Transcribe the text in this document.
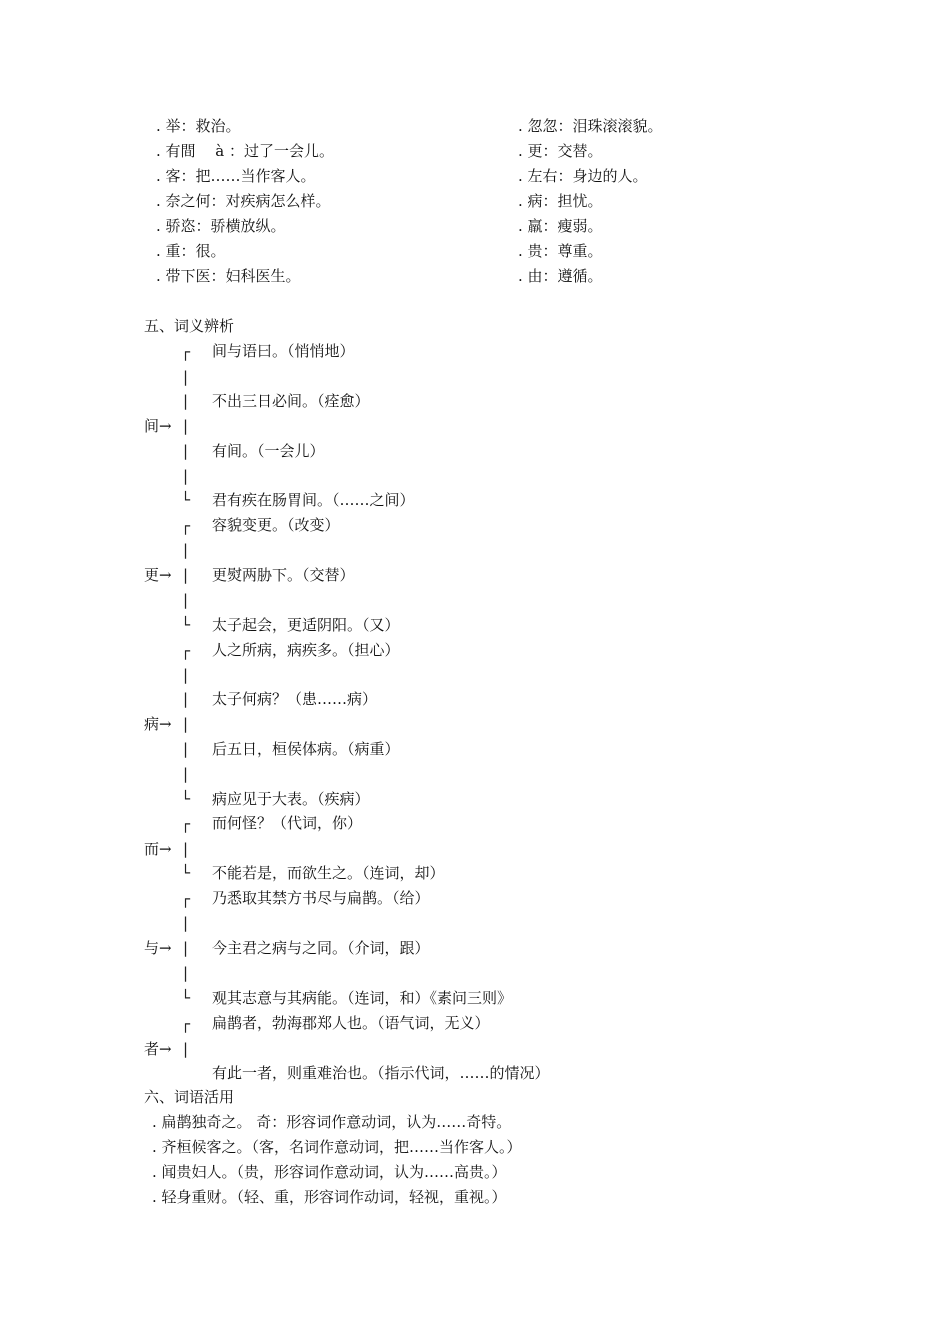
. 举：救治。
. 有間　 à ：过了一会儿。
. 客：把……当作客人。
. 奈之何：对疾病怎么样。
. 骄恣：骄横放纵。
. 重：很。
. 带下医：妇科医生。
. 忽忽：泪珠滚滚貌。
. 更：交替。
. 左右：身边的人。
. 病：担忧。
. 羸：瘦弱。
. 贵：尊重。
. 由：遵循。
五、词义辨析
┌ 间与语曰。（悄悄地）
|
| 不出三日必间。（痊愈）
间→ |
| 有间。（一会儿）
|
└ 君有疾在肠胃间。（……之间）
┌ 容貌变更。（改变）
|
更→ | 更熨两胁下。（交替）
|
└ 太子起会，更适阴阳。（又）
┌ 人之所病，病疾多。（担心）
|
| 太子何病？（患……病）
病→ |
| 后五日，桓侯体病。（病重）
|
└ 病应见于大表。（疾病）
┌ 而何怪？（代词，你）
而→ |
└ 不能若是，而欲生之。（连词，却）
┌ 乃悉取其禁方书尽与扁鹊。（给）
|
与→ | 今主君之病与之同。（介词，跟）
|
└ 观其志意与其病能。（连词，和）《素问三则》
┌ 扁鹊者，勃海郡郑人也。（语气词，无义）
者→ |
有此一者，则重难治也。（指示代词，……的情况）
六、词语活用
. 扁鹊独奇之。 奇：形容词作意动词，认为……奇特。
. 齐桓候客之。（客，名词作意动词，把……当作客人。）
. 闻贵妇人。（贵，形容词作意动词，认为……高贵。）
. 轻身重财。（轻、重，形容词作动词，轻视，重视。）
